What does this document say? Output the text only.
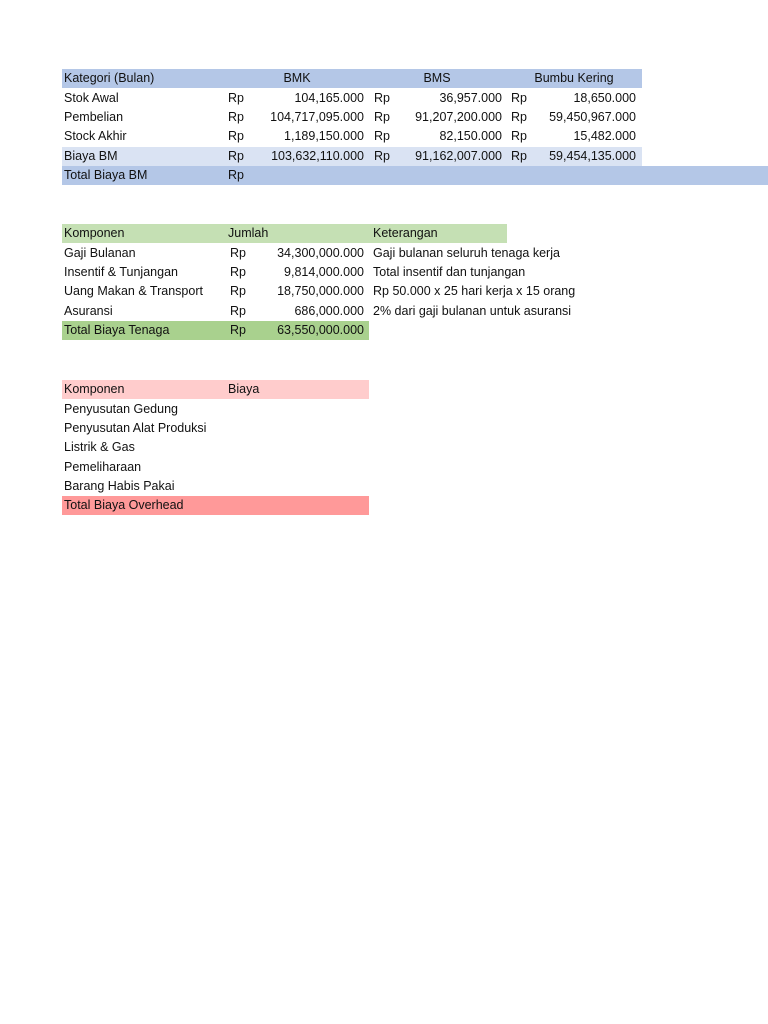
Kategori (Bulan)	BMK	BMS	Bumbu Kering
Stok Awal	Rp	104,165.000 Rp	36,957.000 Rp	18,650.000
Pembelian	Rp	104,717,095.000 Rp	91,207,200.000 Rp	59,450,967.000
Stock Akhir	Rp	1,189,150.000 Rp	82,150.000 Rp	15,482.000
Biaya BM	Rp	103,632,110.000 Rp	91,162,007.000 Rp	59,454,135.000
Total Biaya BM	Rp
Komponen	Jumlah	Keterangan
Gaji Bulanan	Rp	34,300,000.000 Gaji bulanan seluruh tenaga kerja
Insentif & Tunjangan	Rp	9,814,000.000 Total insentif dan tunjangan
Uang Makan & Transport Rp	18,750,000.000 Rp 50.000 x 25 hari kerja x 15 orang
Asuransi	Rp	686,000.000 2% dari gaji bulanan untuk asuransi
Total Biaya Tenaga	Rp	63,550,000.000
Komponen	Biaya
Penyusutan Gedung
Penyusutan Alat Produksi
Listrik & Gas
Pemeliharaan
Barang Habis Pakai
Total Biaya Overhead
